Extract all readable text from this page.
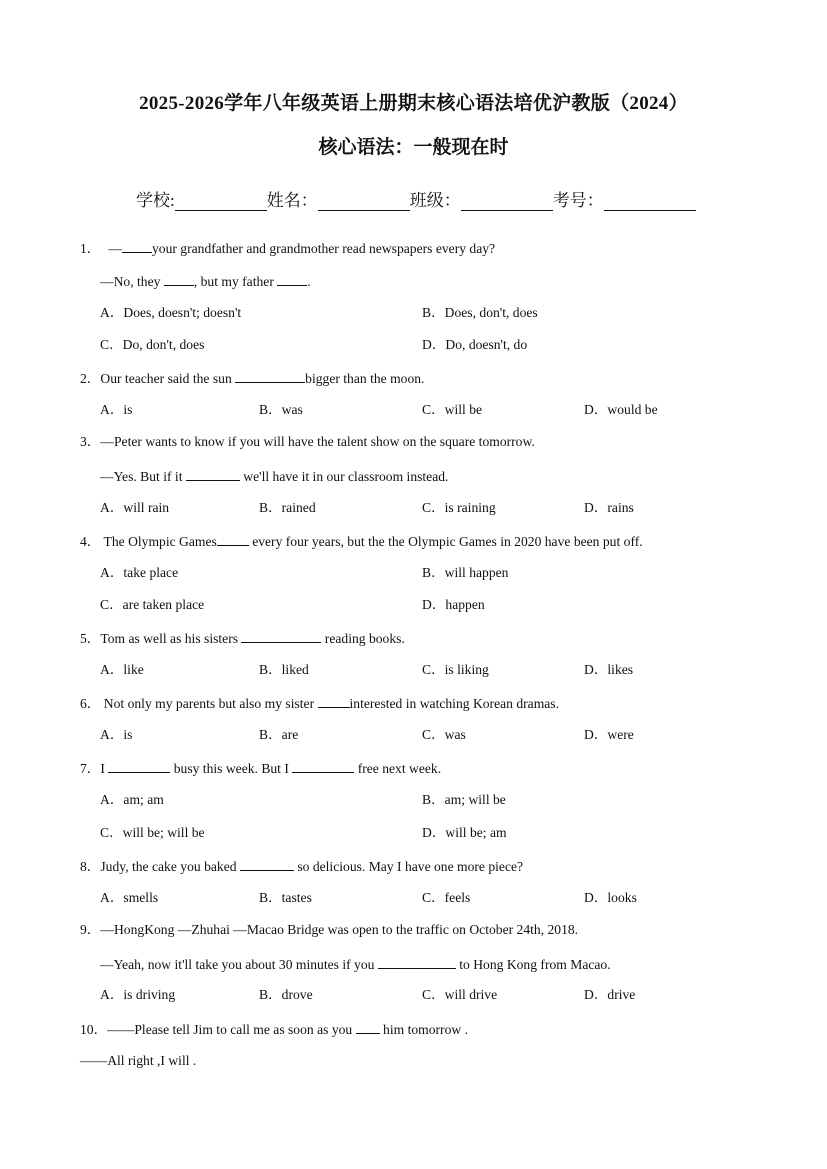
2025-2026学年八年级英语上册期末核心语法培优沪教版（2024）
核心语法：一般现在时
学校:	姓名：	班级：	考号：
1． — your grandfather and grandmother read newspapers every day?
—No, they , but my father .
A．Does, doesn't; doesn't	B．Does, don't, does
C．Do, don't, does	D．Do, doesn't, do
2．Our teacher said the sun	bigger than the moon.
A．is	B．was	C．will be	D．would be
3．—Peter wants to know if you will have the talent show on the square tomorrow.
—Yes. But if it	we'll have it in our classroom instead.
A．will rain	B．rained	C．is raining	D．rains
4． The Olympic Games every four years, but the the Olympic Games in 2020 have been put off.
A．take place	B．will happen
C．are taken place	D．happen
5．Tom as well as his sisters	reading books.
A．like	B．liked	C．is liking	D．likes
6． Not only my parents but also my sister interested in watching Korean dramas.
A．is	B．are	C．was	D．were
7．I	busy this week. But I	free next week.
A．am; am	B．am; will be
C．will be; will be	D．will be; am
8．Judy, the cake you baked	so delicious. May I have one more piece?
A．smells	B．tastes	C．feels	D．looks
9．—HongKong —Zhuhai —Macao Bridge was open to the traffic on October 24th, 2018.
—Yeah, now it'll take you about 30 minutes if you	to Hong Kong from Macao.
A．is driving	B．drove	C．will drive	D．drive
10．——Please tell Jim to call me as soon as you  him tomorrow .
——All right ,I will .
